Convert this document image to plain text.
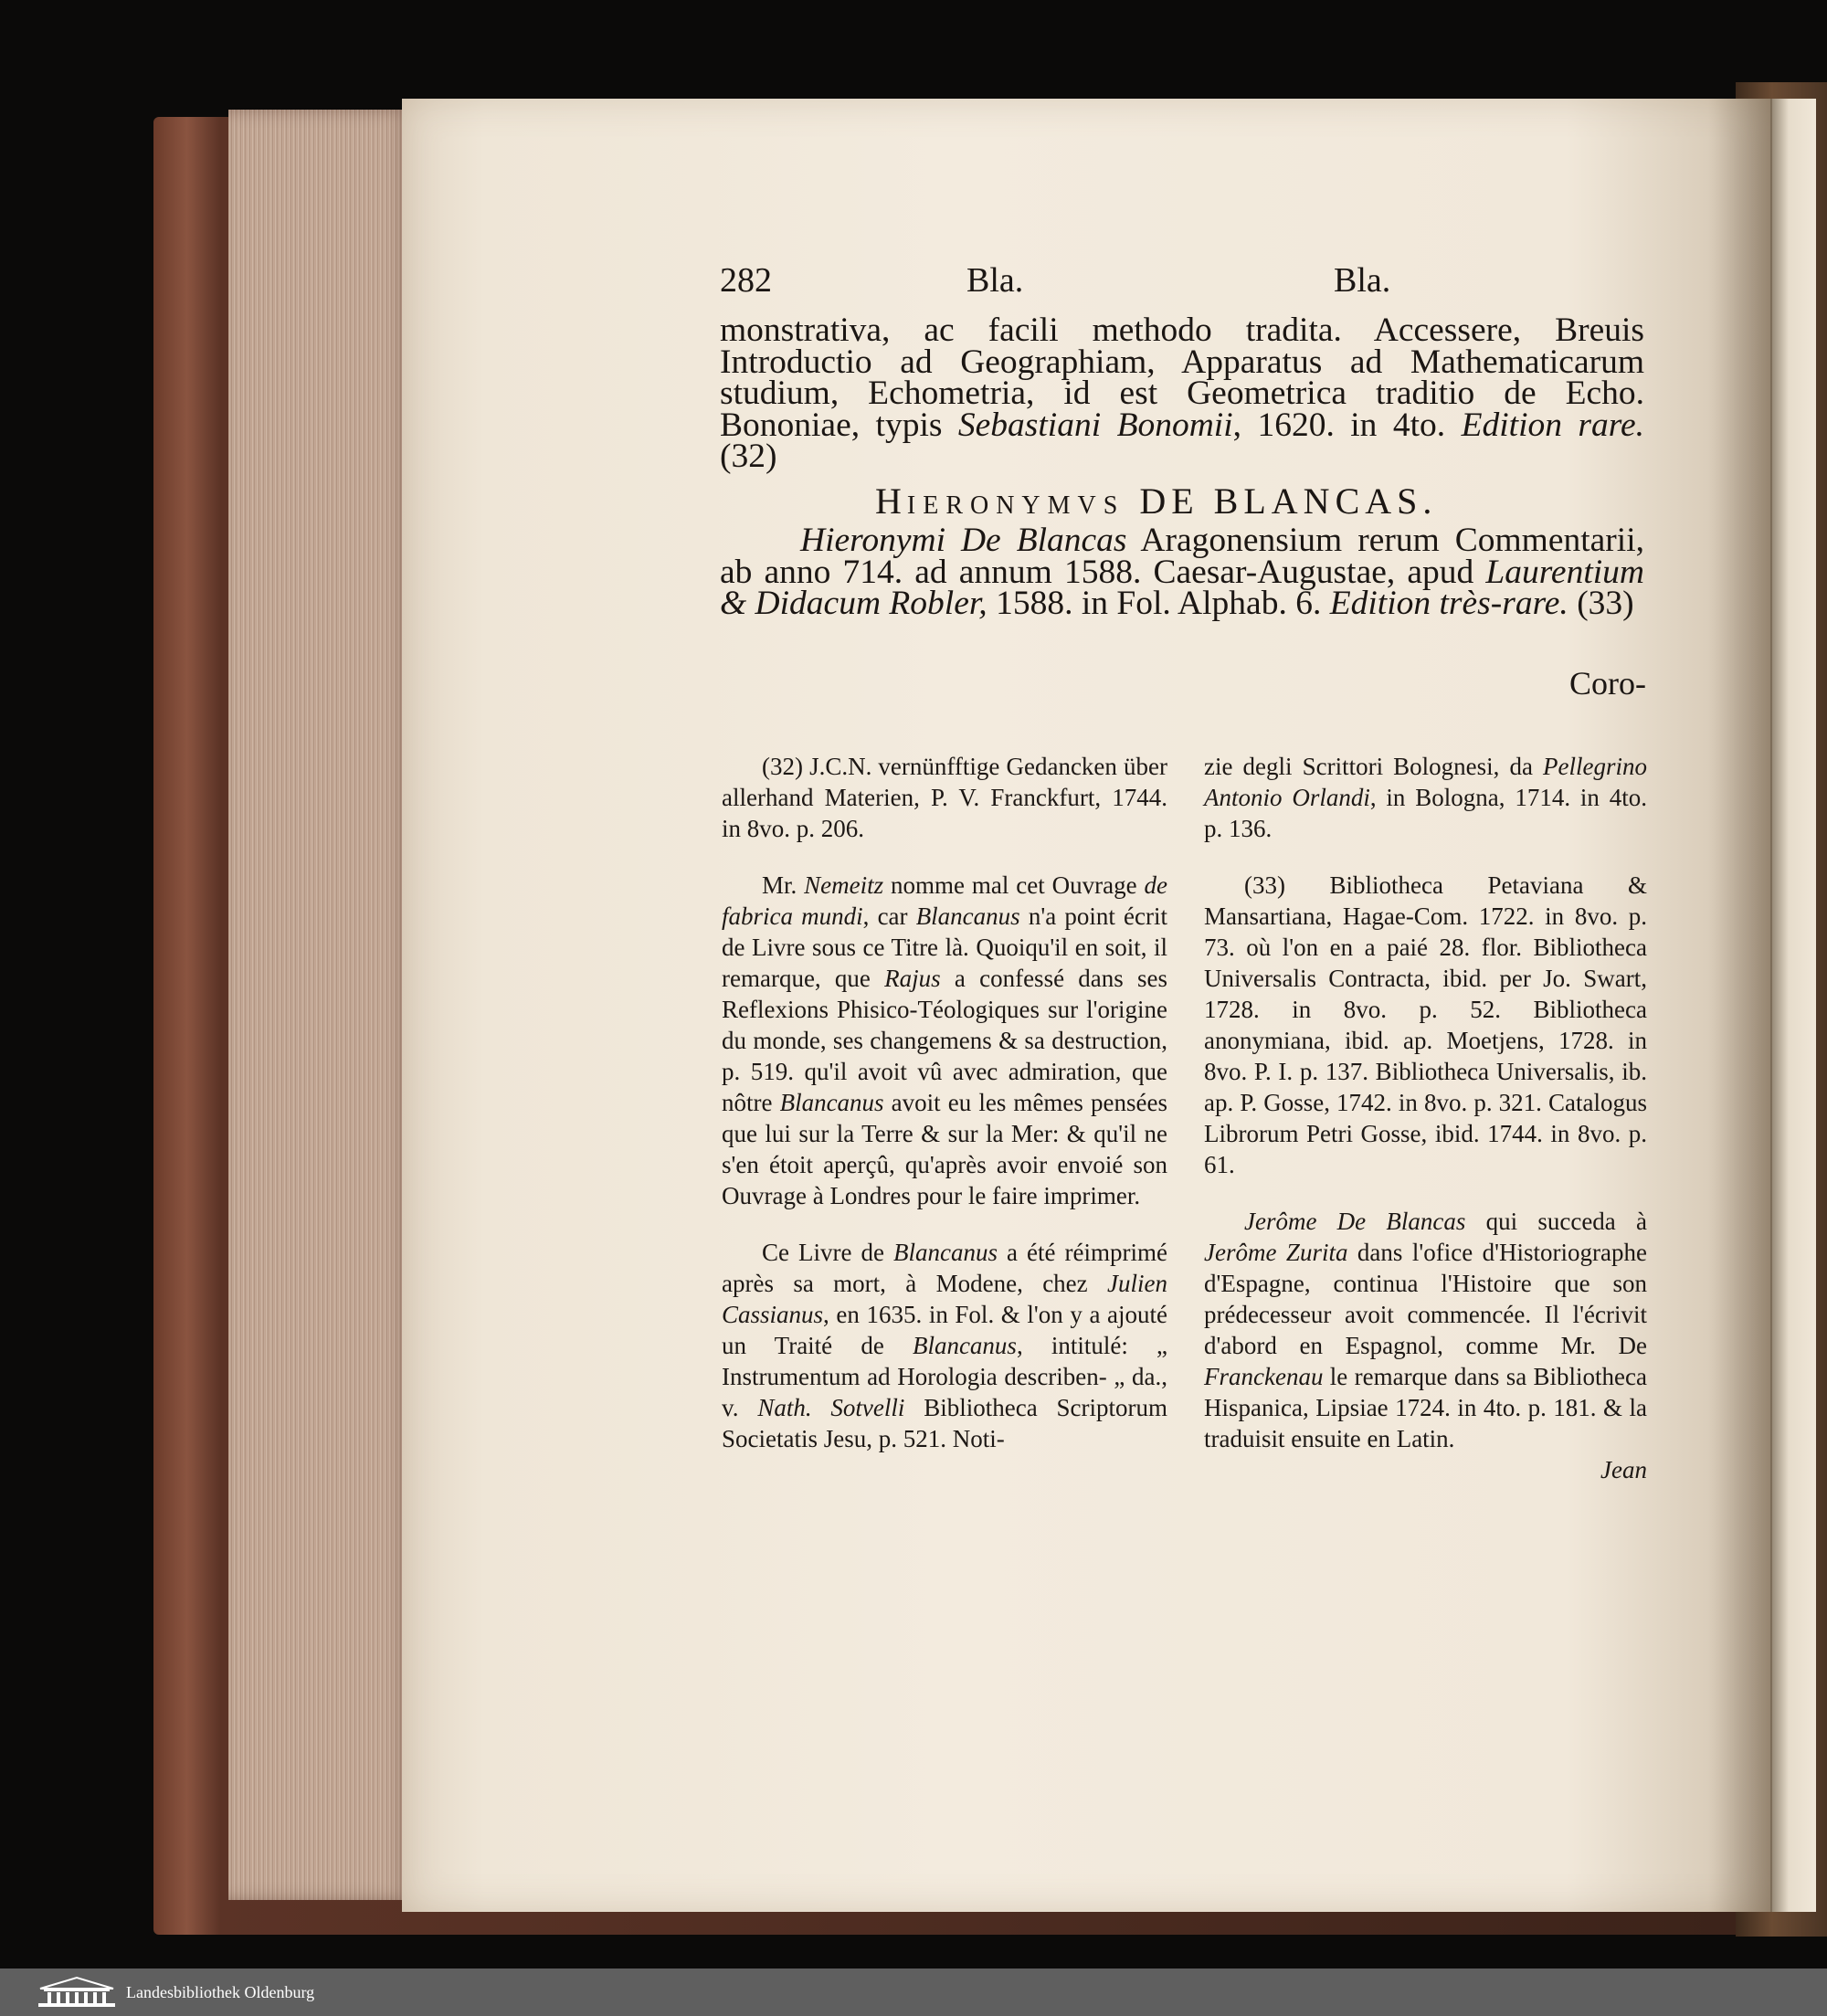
282	Bla.	Bla.

monstrativa, ac facili methodo tradita. Accessere, Breuis Introductio ad Geographiam, Apparatus ad Mathematicarum studium, Echometria, id est Geometrica traditio de Echo. Bononiae, typis Sebastiani Bonomii, 1620. in 4to. Edition rare. (32)

HIERONYMVS DE BLANCAS.

Hieronymi De Blancas Aragonensium rerum Commentarii, ab anno 714. ad annum 1588. Caesar-Augustae, apud Laurentium & Didacum Robler, 1588. in Fol. Alphab. 6. Edition très-rare. (33)

Coro-

(32) J.C.N. vernünfftige Gedancken über allerhand Materien, P. V. Franckfurt, 1744. in 8vo. p. 206.

Mr. Nemeitz nomme mal cet Ouvrage de fabrica mundi, car Blancanus n'a point écrit de Livre sous ce Titre là. Quoiqu'il en soit, il remarque, que Rajus a confessé dans ses Reflexions Phisico-Téologiques sur l'origine du monde, ses changemens & sa destruction, p. 519. qu'il avoit vû avec admiration, que nôtre Blancanus avoit eu les mêmes pensées que lui sur la Terre & sur la Mer: & qu'il ne s'en étoit aperçû, qu'après avoir envoié son Ouvrage à Londres pour le faire imprimer.

Ce Livre de Blancanus a été réimprimé après sa mort, à Modene, chez Julien Cassianus, en 1635. in Fol. & l'on y a ajouté un Traité de Blancanus, intitulé: „ Instrumentum ad Horologia describen- „ da., v. Nath. Sotvelli Bibliotheca Scriptorum Societatis Jesu, p. 521. Noti-

zie degli Scrittori Bolognesi, da Pellegrino Antonio Orlandi, in Bologna, 1714. in 4to. p. 136.

(33) Bibliotheca Petaviana & Mansartiana, Hagae-Com. 1722. in 8vo. p. 73. où l'on en a paié 28. flor. Bibliotheca Universalis Contracta, ibid. per Jo. Swart, 1728. in 8vo. p. 52. Bibliotheca anonymiana, ibid. ap. Moetjens, 1728. in 8vo. P. I. p. 137. Bibliotheca Universalis, ib. ap. P. Gosse, 1742. in 8vo. p. 321. Catalogus Librorum Petri Gosse, ibid. 1744. in 8vo. p. 61.

Jerôme De Blancas qui succeda à Jerôme Zurita dans l'ofice d'Historiographe d'Espagne, continua l'Histoire que son prédecesseur avoit commencée. Il l'écrivit d'abord en Espagnol, comme Mr. De Franckenau le remarque dans sa Bibliotheca Hispanica, Lipsiae 1724. in 4to. p. 181. & la traduisit ensuite en Latin.

Jean

Landesbibliothek Oldenburg
